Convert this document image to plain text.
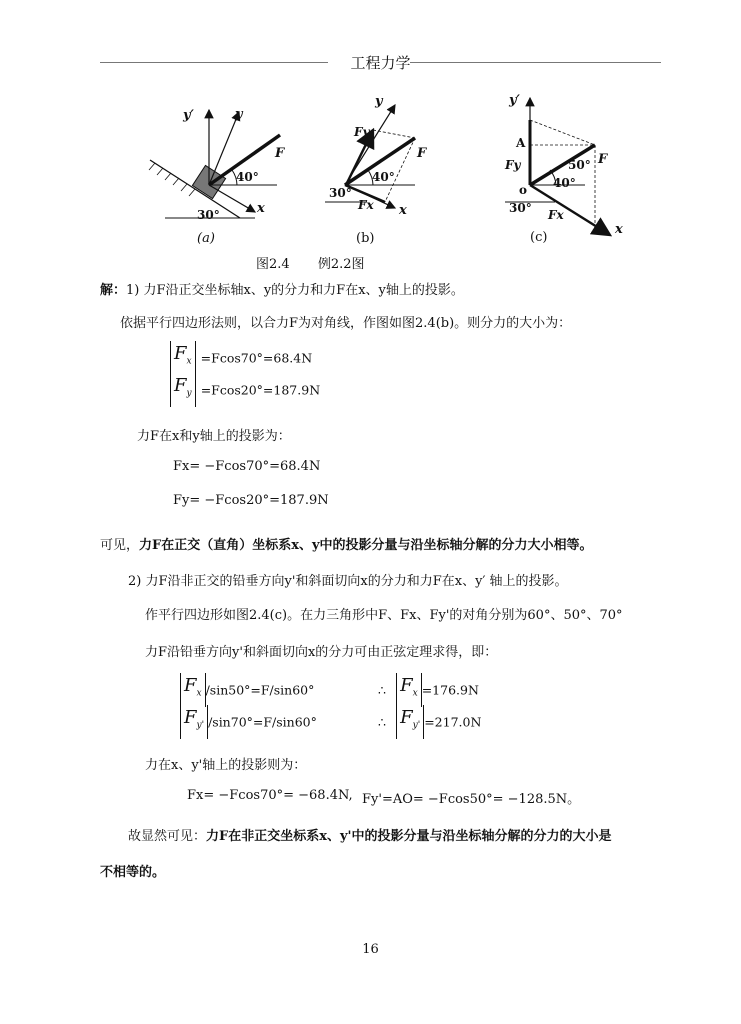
工程力学
y′	y
F
40°
30°	x
(a)
y
Fy
F
40°
30°
Fx x
(b)
y′
A
Fy	50° F
o 40°
30° Fx
x
(c)
图2.4 例2.2图
解：1) 力F沿正交坐标轴x、y的分力和力F在x、y轴上的投影。
依据平行四边形法则，以合力F为对角线，作图如图2.4(b)。则分力的大小为：
$F_x =Fcos70^\circ=68.4N$
$F_y =Fcos20^\circ=187.9N$
力F在x和y轴上的投影为：
Fx= −Fcos70°=68.4N
Fy= −Fcos20°=187.9N
可见，力F在正交（直角）坐标系x、y中的投影分量与沿坐标轴分解的分力大小相等。
2) 力F沿非正交的铅垂方向y'和斜面切向x的分力和力F在x、y′ 轴上的投影。
作平行四边形如图2.4(c)。在力三角形中F、Fx、Fy'的对角分别为60°、50°、70°
力F沿铅垂方向y'和斜面切向x的分力可由正弦定理求得，即：
$F_x$ /sin50°=F/sin60°	∴ $F_x =176.9N$
$F_{y'}$ /sin70°=F/sin60°	∴ $F_{y'} =217.0N$
力在x、y'轴上的投影则为：
Fx= −Fcos70°= −68.4N, Fy'=AO= −Fcos50°= −128.5N。
故显然可见：力F在非正交坐标系x、y'中的投影分量与沿坐标轴分解的分力的大小是
不相等的。
16
